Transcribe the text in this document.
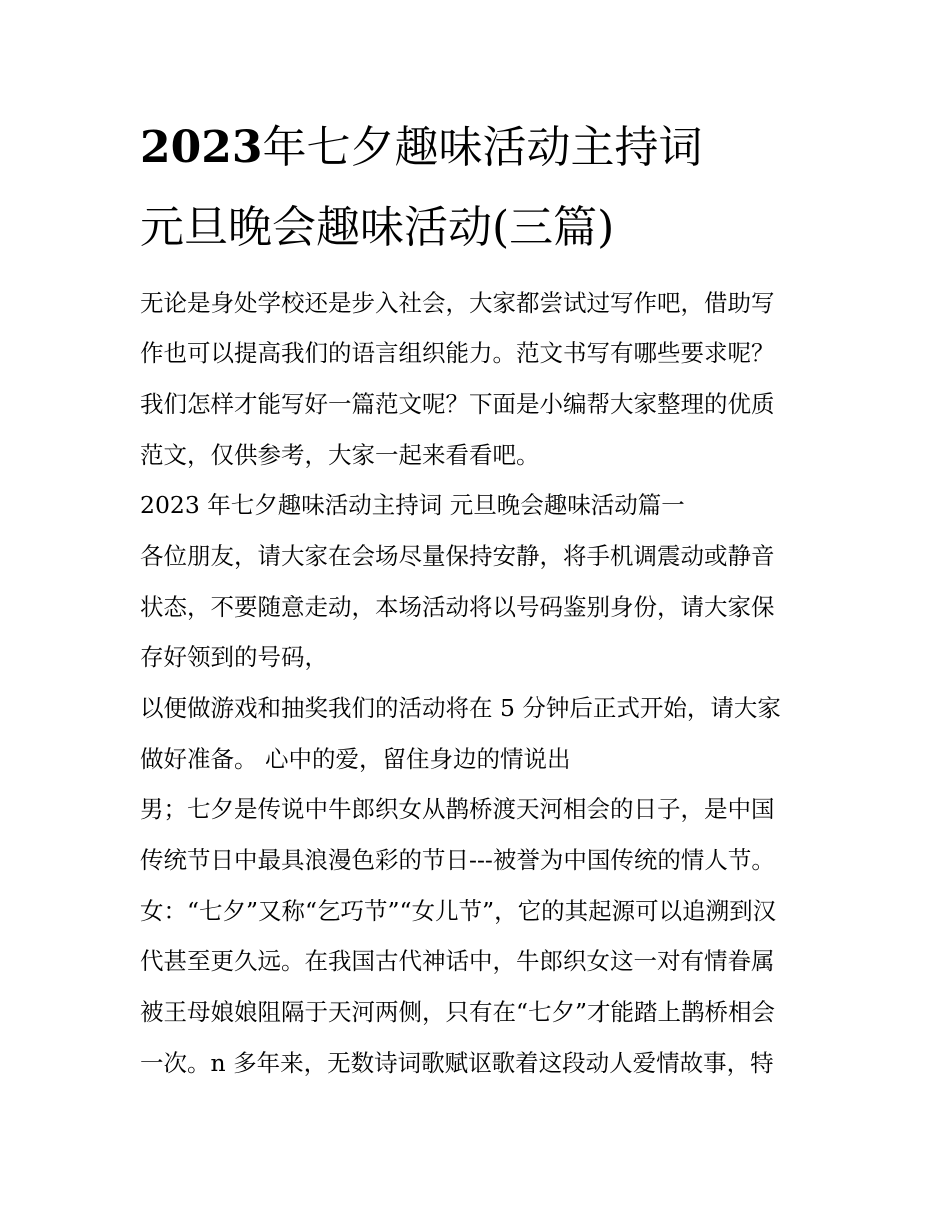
2023年七夕趣味活动主持词
元旦晚会趣味活动(三篇)

无论是身处学校还是步入社会，大家都尝试过写作吧，借助写

作也可以提高我们的语言组织能力。范文书写有哪些要求呢？

我们怎样才能写好一篇范文呢？下面是小编帮大家整理的优质

范文，仅供参考，大家一起来看看吧。

2023 年七夕趣味活动主持词 元旦晚会趣味活动篇一

各位朋友，请大家在会场尽量保持安静，将手机调震动或静音

状态，不要随意走动，本场活动将以号码鉴别身份，请大家保

存好领到的号码，

以便做游戏和抽奖我们的活动将在 5 分钟后正式开始，请大家

做好准备。 心中的爱，留住身边的情说出

男；七夕是传说中牛郎织女从鹊桥渡天河相会的日子，是中国

传统节日中最具浪漫色彩的节日---被誉为中国传统的情人节。

女：“七夕”又称“乞巧节”“女儿节”，它的其起源可以追溯到汉

代甚至更久远。在我国古代神话中，牛郎织女这一对有情眷属

被王母娘娘阻隔于天河两侧，只有在“七夕”才能踏上鹊桥相会

一次。n 多年来，无数诗词歌赋讴歌着这段动人爱情故事，特
